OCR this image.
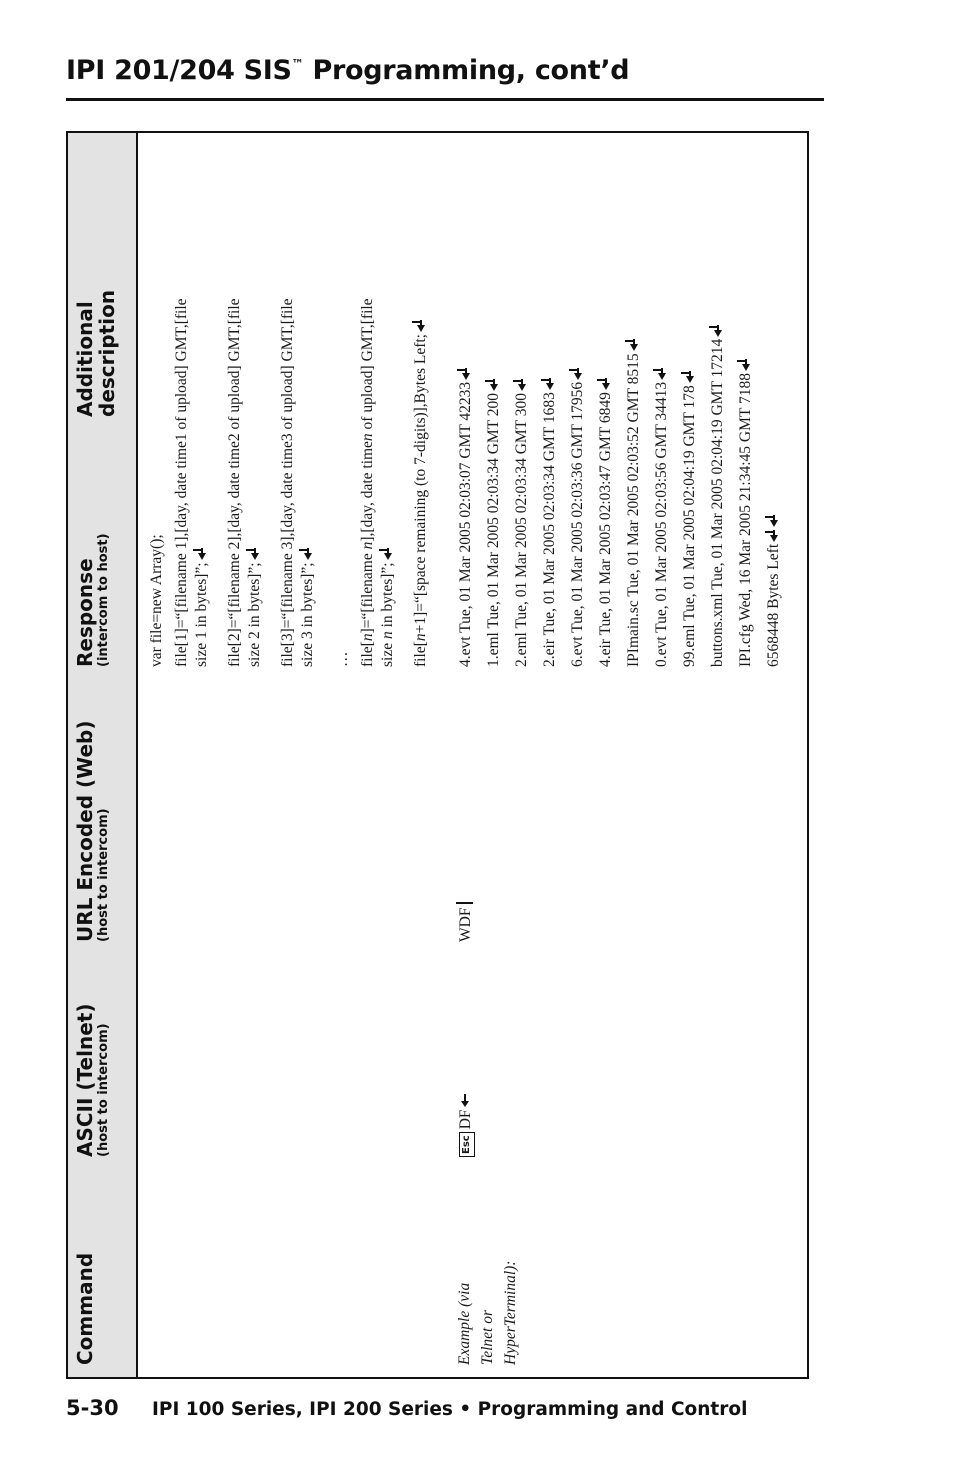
IPI 201/204 SIS™ Programming, cont’d
Command
ASCII (Telnet) (host to intercom)
URL Encoded (Web) (host to intercom)
Response (intercom to host)
Additional
description
var file=new Array(); file[1]=“[filename 1],[day, date time1 of upload] GMT,[file size 1 in bytes]”; file[2]=“[filename 2],[day, date time2 of upload] GMT,[file size 2 in bytes]”; file[3]=“[filename 3],[day, date time3 of upload] GMT,[file size 3 in bytes]”; … file[n]=“[filename n],[day, date timen of upload] GMT,[file
size n in bytes]”;
file[n+1]=“[space remaining (to 7-digits)],Bytes Left;
Example (via Telnet or HyperTerminal):
EscDF
WDF
4.evt Tue, 01 Mar 2005 02:03:07 GMT 42233 1.eml Tue, 01 Mar 2005 02:03:34 GMT 200 2.eml Tue, 01 Mar 2005 02:03:34 GMT 300 2.eir Tue, 01 Mar 2005 02:03:34 GMT 1683 6.evt Tue, 01 Mar 2005 02:03:36 GMT 17956 4.eir Tue, 01 Mar 2005 02:03:47 GMT 6849 IPImain.sc Tue, 01 Mar 2005 02:03:52 GMT 8515 0.evt Tue, 01 Mar 2005 02:03:56 GMT 34413 99.eml Tue, 01 Mar 2005 02:04:19 GMT 178 buttons.xml Tue, 01 Mar 2005 02:04:19 GMT 17214 IPI.cfg Wed, 16 Mar 2005 21:34:45 GMT 7188 6568448 Bytes Left
5-30 IPI 100 Series, IPI 200 Series • Programming and Control
